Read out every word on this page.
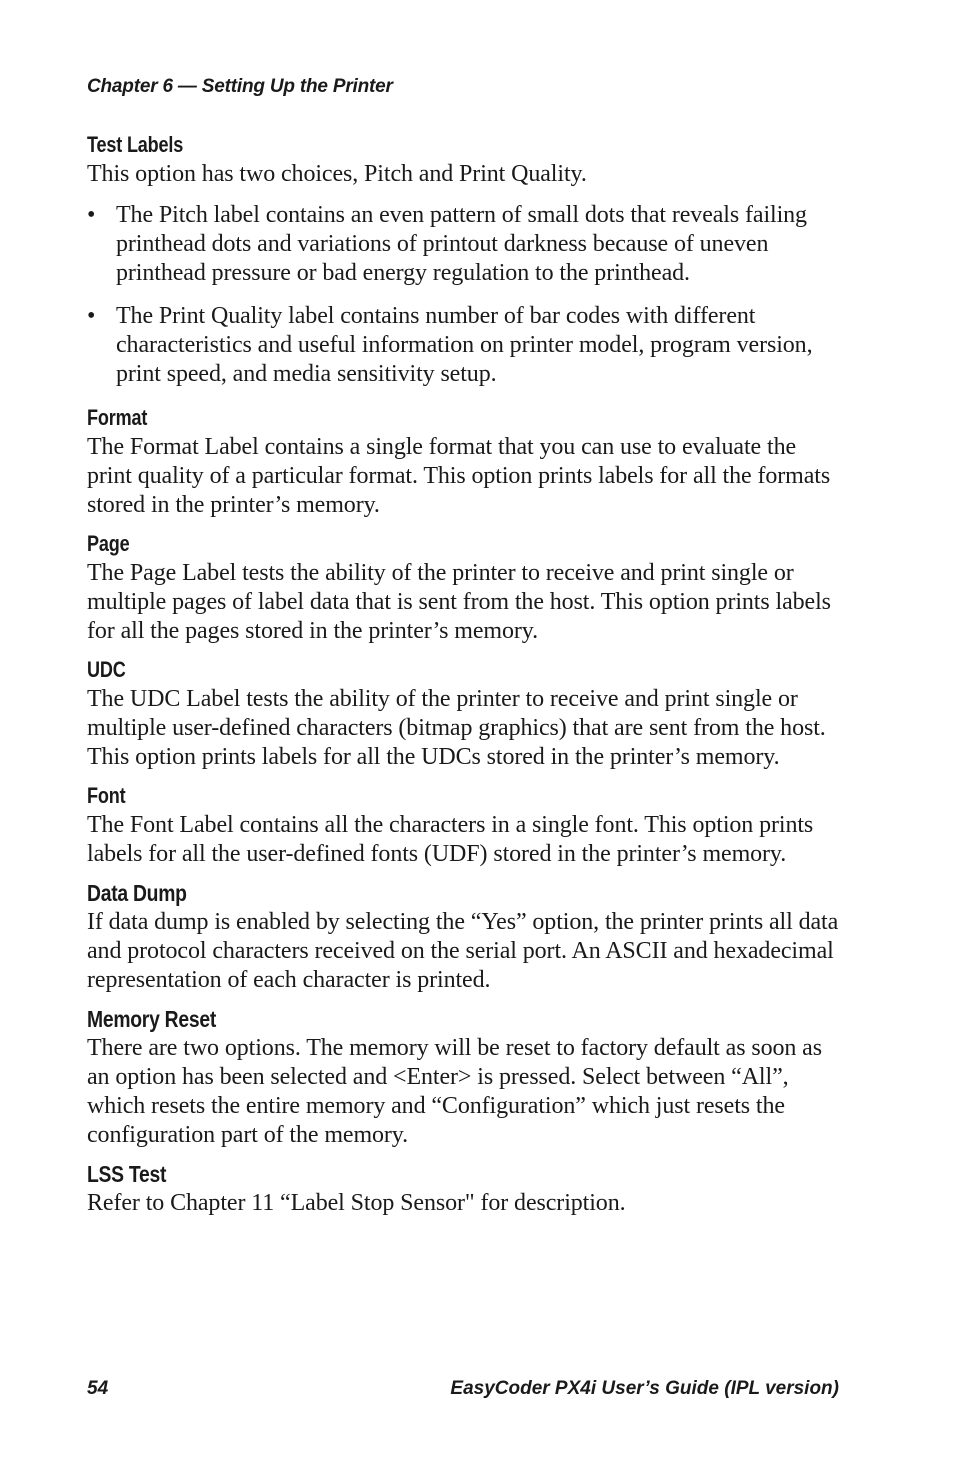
Chapter 6 — Setting Up the Printer
Test Labels

This option has two choices, Pitch and Print Quality.

• The Pitch label contains an even pattern of small dots that reveals failing printhead dots and variations of printout darkness because of uneven printhead pressure or bad energy regulation to the printhead.
• The Print Quality label contains number of bar codes with different characteristics and useful information on printer model, program version, print speed, and media sensitivity setup.
Format

The Format Label contains a single format that you can use to evaluate the print quality of a particular format. This option prints labels for all the formats stored in the printer’s memory.

Page

The Page Label tests the ability of the printer to receive and print single or multiple pages of label data that is sent from the host. This option prints labels for all the pages stored in the printer’s memory.

UDC

The UDC Label tests the ability of the printer to receive and print single or multiple user-defined characters (bitmap graphics) that are sent from the host. This option prints labels for all the UDCs stored in the printer’s memory.

Font

The Font Label contains all the characters in a single font. This option prints labels for all the user-defined fonts (UDF) stored in the printer’s memory.

Data Dump

If data dump is enabled by selecting the “Yes” option, the printer prints all data and protocol characters received on the serial port. An ASCII and hexadecimal representation of each character is printed.

Memory Reset

There are two options. The memory will be reset to factory default as soon as an option has been selected and <Enter> is pressed. Select between “All”, which resets the entire memory and “Configuration” which just resets the configuration part of the memory.

LSS Test

Refer to Chapter 11 “Label Stop Sensor" for description.

54	EasyCoder PX4i User’s Guide (IPL version)
